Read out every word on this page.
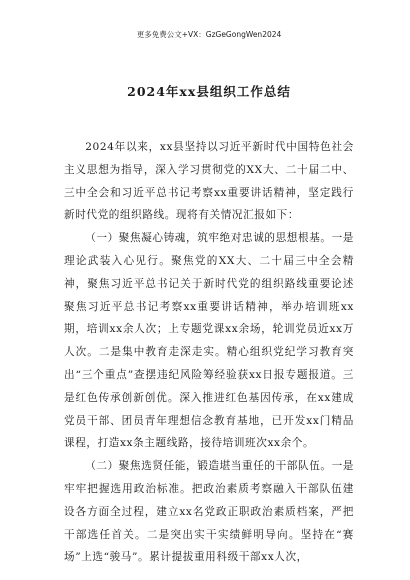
更多免费公文+VX：GzGeGongWen2024

2024年xx县组织工作总结

2024年以来，xx县坚持以习近平新时代中国特色社会主义思想为指导，深入学习贯彻党的XX大、二十届二中、三中全会和习近平总书记考察xx重要讲话精神，坚定践行新时代党的组织路线。现将有关情况汇报如下：

（一）聚焦凝心铸魂，筑牢绝对忠诚的思想根基。一是理论武装入心见行。聚焦党的XX大、二十届三中全会精神，聚焦习近平总书记关于新时代党的组织路线重要论述聚焦习近平总书记考察xx重要讲话精神，举办培训班xx期，培训xx余人次；上专题党课xx余场，轮训党员近xx万人次。二是集中教育走深走实。精心组织党纪学习教育突出“三个重点”查摆违纪风险筹经验获xx日报专题报道。三是红色传承创新创优。深入推进红色基因传承，在xx建成党员干部、团员青年理想信念教育基地，已开发xx门精品课程，打造xx条主题线路，接待培训班次xx余个。

（二）聚焦选贤任能，锻造堪当重任的干部队伍。一是牢牢把握选用政治标准。把政治素质考察融入干部队伍建设各方面全过程，建立xx名党政正职政治素质档案，严把干部选任首关。二是突出实干实绩鲜明导向。坚持在“赛场”上选“骏马”。累计提拔重用科级干部xx人次，
